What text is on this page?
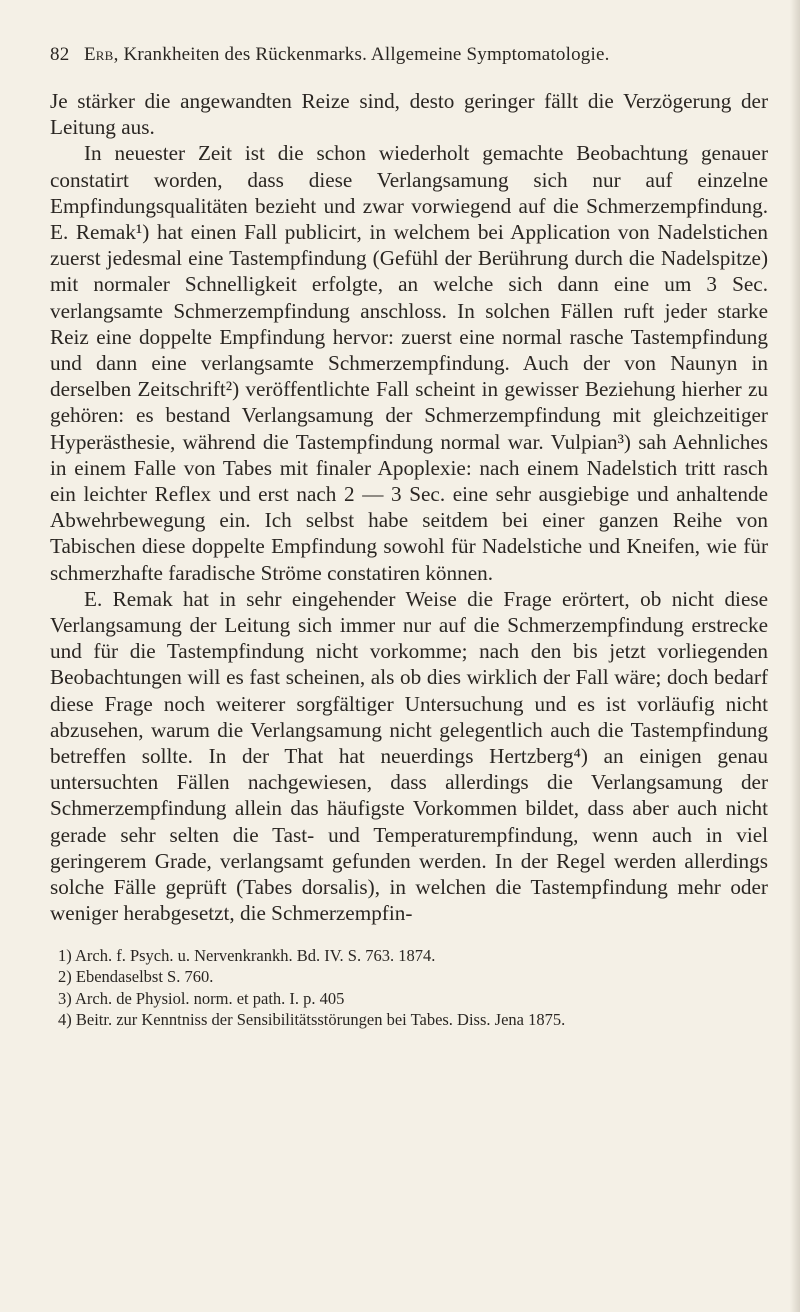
82 Erb, Krankheiten des Rückenmarks. Allgemeine Symptomatologie.

Je stärker die angewandten Reize sind, desto geringer fällt die Verzögerung der Leitung aus.

In neuester Zeit ist die schon wiederholt gemachte Beobachtung genauer constatirt worden, dass diese Verlangsamung sich nur auf einzelne Empfindungsqualitäten bezieht und zwar vorwiegend auf die Schmerzempfindung. E. Remak¹) hat einen Fall publicirt, in welchem bei Application von Nadelstichen zuerst jedesmal eine Tastempfindung (Gefühl der Berührung durch die Nadelspitze) mit normaler Schnelligkeit erfolgte, an welche sich dann eine um 3 Sec. verlangsamte Schmerzempfindung anschloss. In solchen Fällen ruft jeder starke Reiz eine doppelte Empfindung hervor: zuerst eine normal rasche Tastempfindung und dann eine verlangsamte Schmerzempfindung. Auch der von Naunyn in derselben Zeitschrift²) veröffentlichte Fall scheint in gewisser Beziehung hierher zu gehören: es bestand Verlangsamung der Schmerzempfindung mit gleichzeitiger Hyperästhesie, während die Tastempfindung normal war. Vulpian³) sah Aehnliches in einem Falle von Tabes mit finaler Apoplexie: nach einem Nadelstich tritt rasch ein leichter Reflex und erst nach 2 — 3 Sec. eine sehr ausgiebige und anhaltende Abwehrbewegung ein. Ich selbst habe seitdem bei einer ganzen Reihe von Tabischen diese doppelte Empfindung sowohl für Nadelstiche und Kneifen, wie für schmerzhafte faradische Ströme constatiren können.

E. Remak hat in sehr eingehender Weise die Frage erörtert, ob nicht diese Verlangsamung der Leitung sich immer nur auf die Schmerzempfindung erstrecke und für die Tastempfindung nicht vorkomme; nach den bis jetzt vorliegenden Beobachtungen will es fast scheinen, als ob dies wirklich der Fall wäre; doch bedarf diese Frage noch weiterer sorgfältiger Untersuchung und es ist vorläufig nicht abzusehen, warum die Verlangsamung nicht gelegentlich auch die Tastempfindung betreffen sollte. In der That hat neuerdings Hertzberg⁴) an einigen genau untersuchten Fällen nachgewiesen, dass allerdings die Verlangsamung der Schmerzempfindung allein das häufigste Vorkommen bildet, dass aber auch nicht gerade sehr selten die Tast- und Temperaturempfindung, wenn auch in viel geringerem Grade, verlangsamt gefunden werden. In der Regel werden allerdings solche Fälle geprüft (Tabes dorsalis), in welchen die Tastempfindung mehr oder weniger herabgesetzt, die Schmerzempfin-

1) Arch. f. Psych. u. Nervenkrankh. Bd. IV. S. 763. 1874.
2) Ebendaselbst S. 760.
3) Arch. de Physiol. norm. et path. I. p. 405
4) Beitr. zur Kenntniss der Sensibilitätsstörungen bei Tabes. Diss. Jena 1875.
